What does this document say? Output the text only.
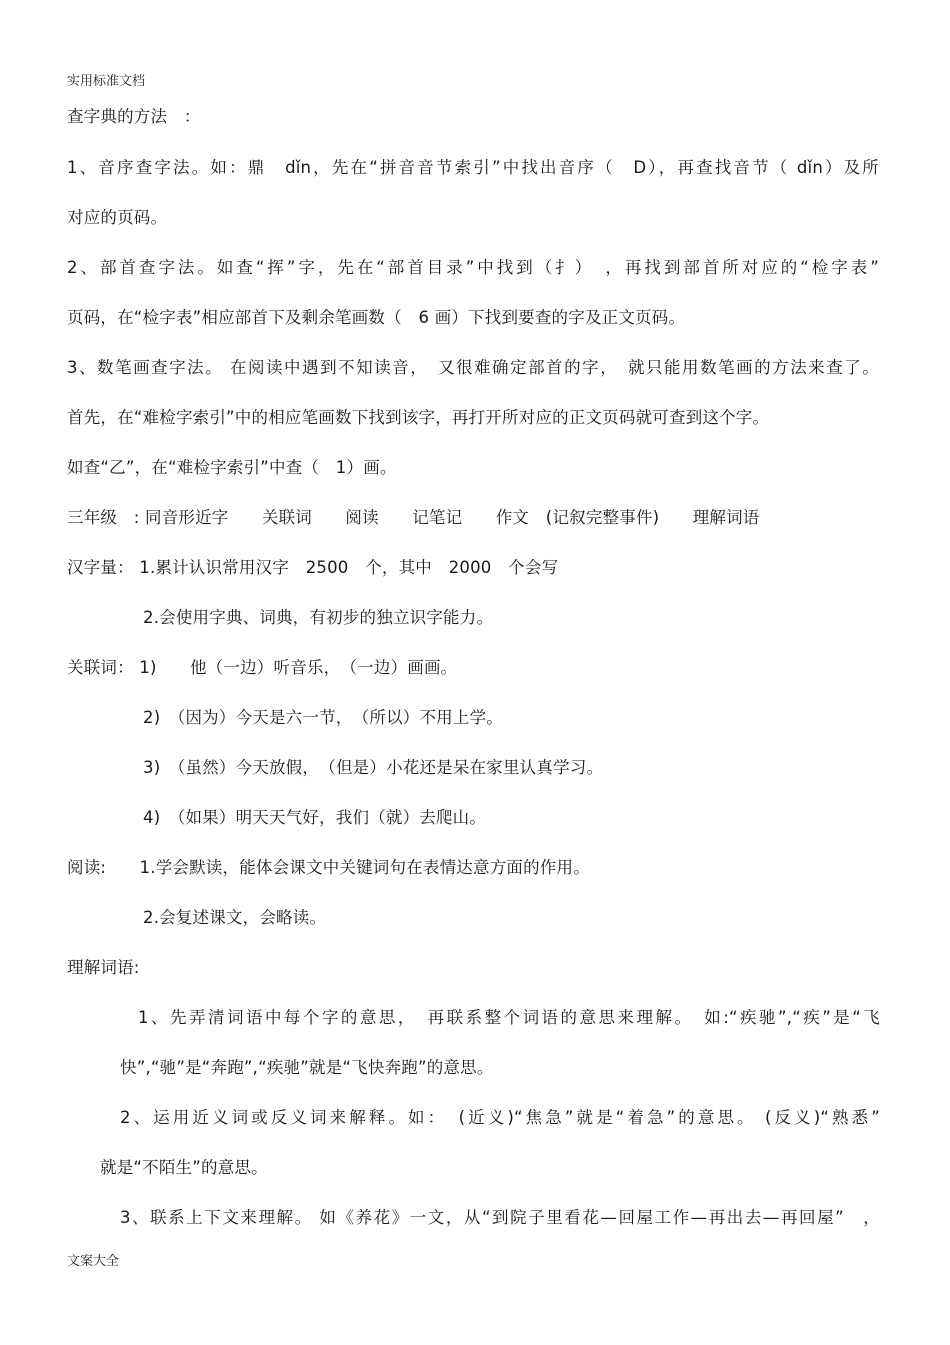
实用标准文档
查字典的方法　：
1、音序查字法。如：鼎　dǐn，先在“拼音音节索引”中找出音序（　D），再查找音节（ dǐn）及所
对应的页码。
2、部首查字法。如查“挥”字，先在“部首目录”中找到（扌）　，再找到部首所对应的“检字表”
页码，在“检字表”相应部首下及剩余笔画数（　6 画）下找到要查的字及正文页码。
3、数笔画查字法。 在阅读中遇到不知读音，　又很难确定部首的字，　就只能用数笔画的方法来查了。
首先，在“难检字索引”中的相应笔画数下找到该字，再打开所对应的正文页码就可查到这个字。
如查“乙”，在“难检字索引”中查（　1）画。
三年级　: 同音形近字　　关联词　　阅读　　记笔记　　作文　(记叙完整事件)　　理解词语
汉字量： 1.累计认识常用汉字　2500　个，其中　2000　个会写
2.会使用字典、词典，有初步的独立识字能力。
关联词： 1)　　他（一边）听音乐，　（一边）画画。
2)　（因为）今天是六一节，　（所以）不用上学。
3)　（虽然）今天放假，　（但是）小花还是呆在家里认真学习。
4)　（如果）明天天气好，我们（就）去爬山。
阅读:　　1.学会默读，能体会课文中关键词句在表情达意方面的作用。
2.会复述课文，会略读。
理解词语:
1、先弄清词语中每个字的意思，　再联系整个词语的意思来理解。　如:“疾驰”,“疾”是“飞
快”,“驰”是“奔跑”,“疾驰”就是“飞快奔跑”的意思。
2、运用近义词或反义词来解释。如：　(近义)“焦急”就是“着急”的意思。 (反义)“熟悉”
就是“不陌生”的意思。
3、联系上下文来理解。 如《养花》一文，从“到院子里看花—回屋工作—再出去—再回屋”　，
文案大全
